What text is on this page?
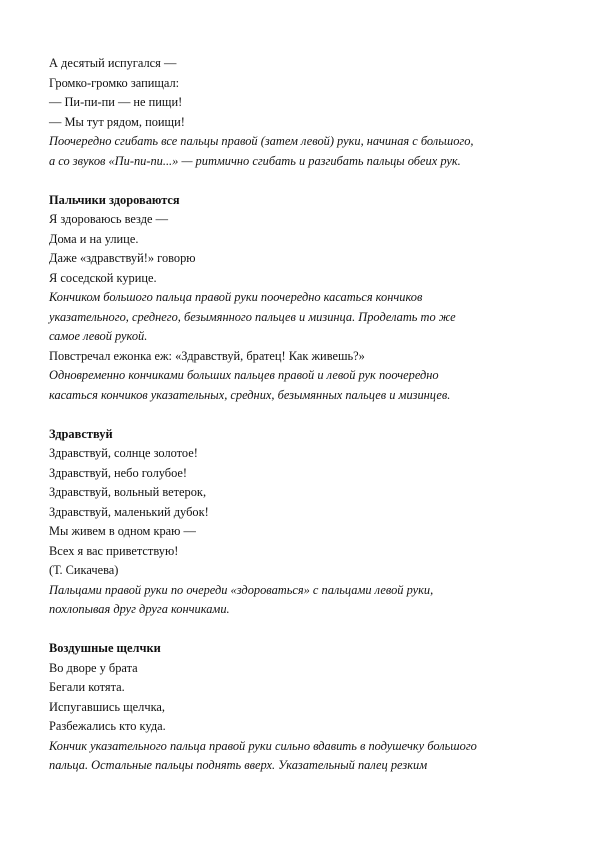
А десятый испугался —
Громко-громко запищал:
— Пи-пи-пи — не пищи!
— Мы тут рядом, поищи!
Поочередно сгибать все пальцы правой (затем левой) руки, начиная с большого,
а со звуков «Пи-пи-пи...» — ритмично сгибать и разгибать пальцы обеих рук.
Пальчики здороваются
Я здороваюсь везде —
Дома и на улице.
Даже «здравствуй!» говорю
Я соседской курице.
Кончиком большого пальца правой руки поочередно касаться кончиков
указательного, среднего, безымянного пальцев и мизинца. Проделать то же
самое левой рукой.
Повстречал ежонка еж: «Здравствуй, братец! Как живешь?»
Одновременно кончиками больших пальцев правой и левой рук поочередно
касаться кончиков указательных, средних, безымянных пальцев и мизинцев.
Здравствуй
Здравствуй, солнце золотое!
Здравствуй, небо голубое!
Здравствуй, вольный ветерок,
Здравствуй, маленький дубок!
Мы живем в одном краю —
Всех я вас приветствую!
(Т. Сикачева)
Пальцами правой руки по очереди «здороваться» с пальцами левой руки,
похлопывая друг друга кончиками.
Воздушные щелчки
Во дворе у брата
Бегали котята.
Испугавшись щелчка,
Разбежались кто куда.
Кончик указательного пальца правой руки сильно вдавить в подушечку большого
пальца. Остальные пальцы поднять вверх. Указательный палец резким
